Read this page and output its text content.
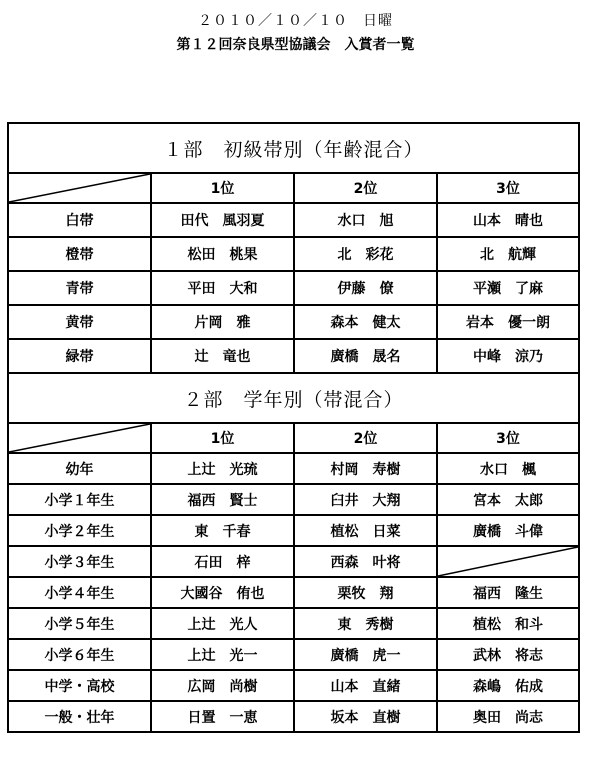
２０１０／１０／１０　日曜
第１２回奈良県型協議会　入賞者一覧
１部　初級帯別（年齢混合）			
	1位	2位	3位
白帯	田代　風羽夏	水口　旭	山本　晴也
橙帯	松田　桃果	北　彩花	北　航輝
青帯	平田　大和	伊藤　僚	平瀬　了麻
黄帯	片岡　雅	森本　健太	岩本　優一朗
緑帯	辻　竜也	廣橋　晟名	中峰　涼乃
２部　学年別（帯混合）			
	1位	2位	3位
幼年	上辻　光琉	村岡　寿樹	水口　楓
小学１年生	福西　賢士	臼井　大翔	宮本　太郎
小学２年生	東　千春	植松　日菜	廣橋　斗偉
小学３年生	石田　梓	西森　叶将	
小学４年生	大國谷　侑也	栗牧　翔	福西　隆生
小学５年生	上辻　光人	東　秀樹	植松　和斗
小学６年生	上辻　光一	廣橋　虎一	武林　将志
中学・高校	広岡　尚樹	山本　直緒	森嶋　佑成
一般・壮年	日置　一恵	坂本　直樹	奥田　尚志
